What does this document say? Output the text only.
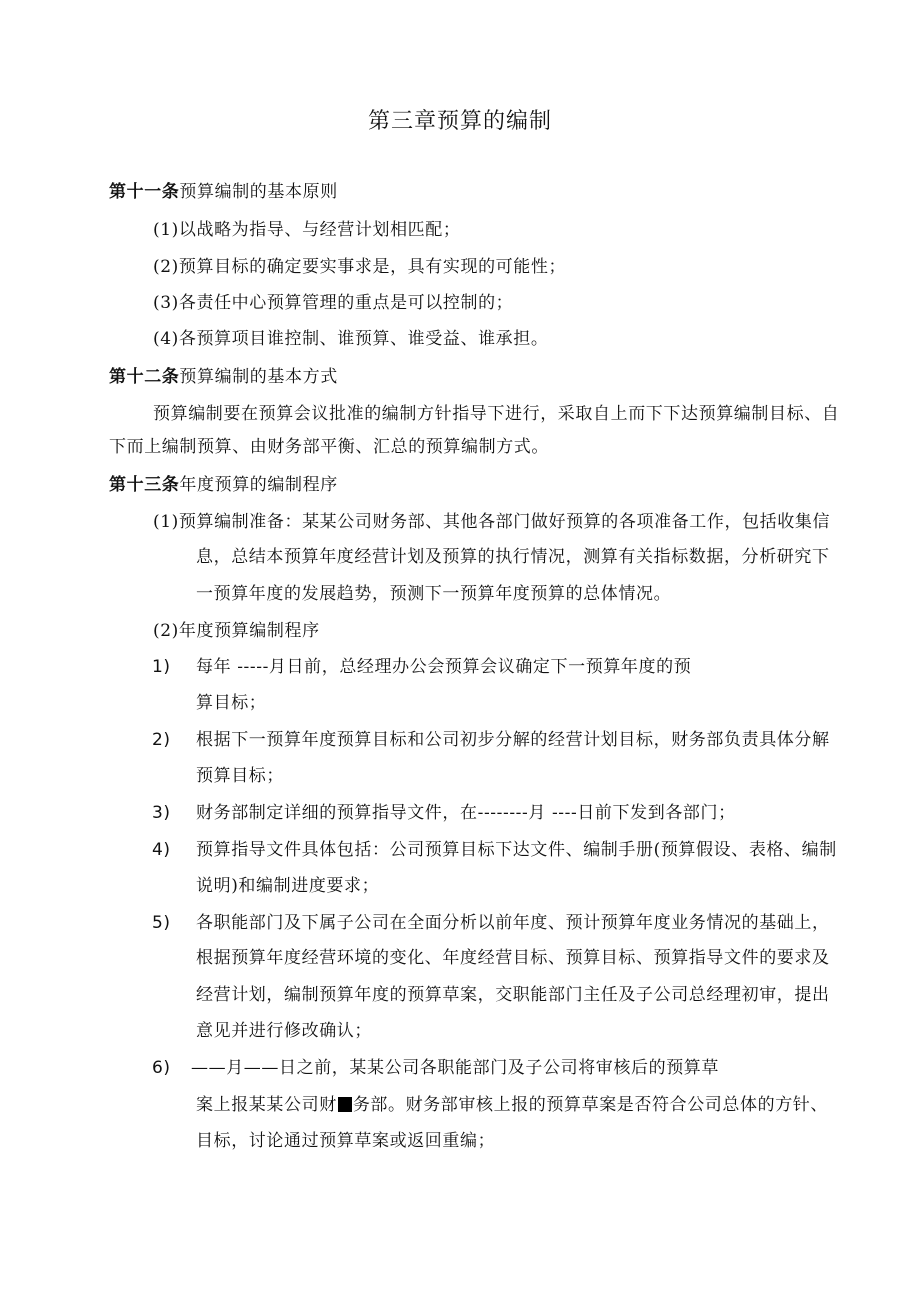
第三章预算的编制
第十一条预算编制的基本原则
(1)以战略为指导、与经营计划相匹配；
(2)预算目标的确定要实事求是，具有实现的可能性；
(3)各责任中心预算管理的重点是可以控制的；
(4)各预算项目谁控制、谁预算、谁受益、谁承担。
第十二条预算编制的基本方式
预算编制要在预算会议批准的编制方针指导下进行，采取自上而下下达预算编制目标、自
下而上编制预算、由财务部平衡、汇总的预算编制方式。
第十三条年度预算的编制程序
(1)预算编制准备：某某公司财务部、其他各部门做好预算的各项准备工作，包括收集信
息，总结本预算年度经营计划及预算的执行情况，测算有关指标数据，分析研究下
一预算年度的发展趋势，预测下一预算年度预算的总体情况。
(2)年度预算编制程序
1) 每年 -----月日前，总经理办公会预算会议确定下一预算年度的预
算目标；
2) 根据下一预算年度预算目标和公司初步分解的经营计划目标，财务部负责具体分解
预算目标；
3) 财务部制定详细的预算指导文件，在--------月 ----日前下发到各部门；
4) 预算指导文件具体包括：公司预算目标下达文件、编制手册(预算假设、表格、编制
说明)和编制进度要求；
5) 各职能部门及下属子公司在全面分析以前年度、预计预算年度业务情况的基础上，
根据预算年度经营环境的变化、年度经营目标、预算目标、预算指导文件的要求及
经营计划，编制预算年度的预算草案，交职能部门主任及子公司总经理初审，提出
意见并进行修改确认；
6) ——月——日之前，某某公司各职能部门及子公司将审核后的预算草
案上报某某公司财 务部。财务部审核上报的预算草案是否符合公司总体的方针、
目标，讨论通过预算草案或返回重编；
